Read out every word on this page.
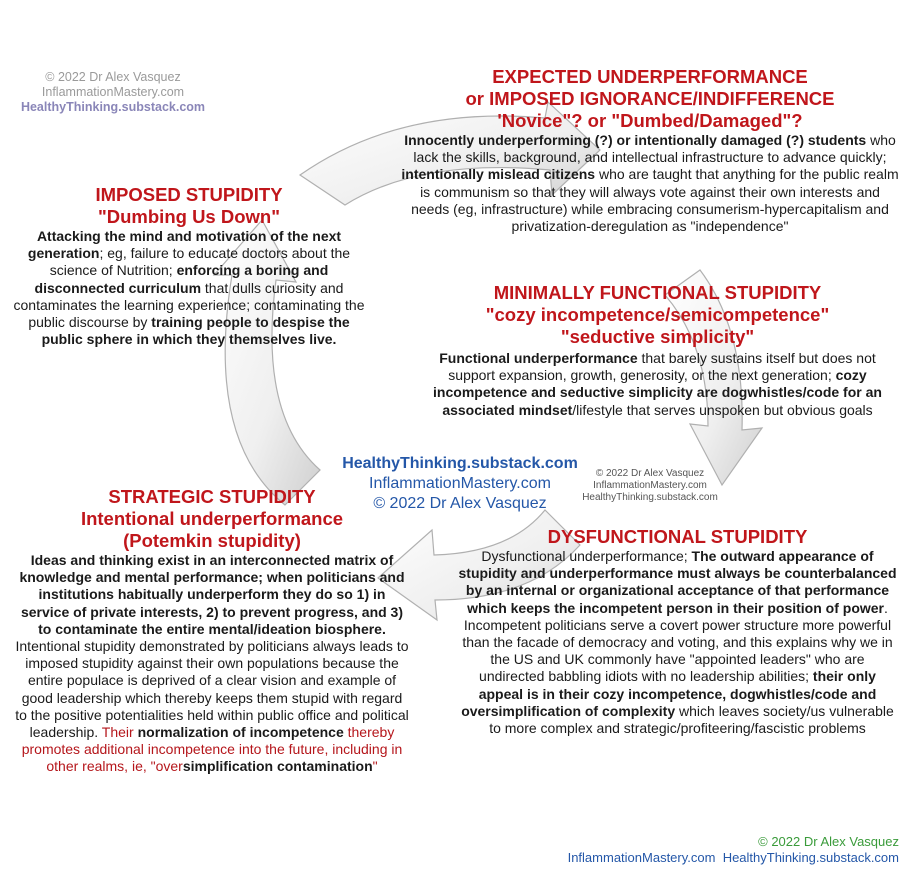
© 2022 Dr Alex Vasquez
InflammationMastery.com
HealthyThinking.substack.com
EXPECTED UNDERPERFORMANCE
or IMPOSED IGNORANCE/INDIFFERENCE
'Novice"? or "Dumbed/Damaged"?

Innocently underperforming (?) or intentionally damaged (?) students who lack the skills, background, and intellectual infrastructure to advance quickly; intentionally mislead citizens who are taught that anything for the public realm is communism so that they will always vote against their own interests and needs (eg, infrastructure) while embracing consumerism-hypercapitalism and privatization-deregulation as "independence"

IMPOSED STUPIDITY
"Dumbing Us Down"

Attacking the mind and motivation of the next generation; eg, failure to educate doctors about the science of Nutrition; enforcing a boring and disconnected curriculum that dulls curiosity and contaminates the learning experience; contaminating the public discourse by training people to despise the public sphere in which they themselves live.

MINIMALLY FUNCTIONAL STUPIDITY
"cozy incompetence/semicompetence"
"seductive simplicity"

Functional underperformance that barely sustains itself but does not support expansion, growth, generosity, or the next generation; cozy incompetence and seductive simplicity are dogwhistles/code for an associated mindset/lifestyle that serves unspoken but obvious goals

HealthyThinking.substack.com
InflammationMastery.com
© 2022 Dr Alex Vasquez
© 2022 Dr Alex Vasquez
InflammationMastery.com
HealthyThinking.substack.com
STRATEGIC STUPIDITY
Intentional underperformance
(Potemkin stupidity)

Ideas and thinking exist in an interconnected matrix of knowledge and mental performance; when politicians and institutions habitually underperform they do so 1) in service of private interests, 2) to prevent progress, and 3) to contaminate the entire mental/ideation biosphere. Intentional stupidity demonstrated by politicians always leads to imposed stupidity against their own populations because the entire populace is deprived of a clear vision and example of good leadership which thereby keeps them stupid with regard to the positive potentialities held within public office and political leadership. Their normalization of incompetence thereby promotes additional incompetence into the future, including in other realms, ie, "oversimplification contamination"

DYSFUNCTIONAL STUPIDITY

Dysfunctional underperformance; The outward appearance of stupidity and underperformance must always be counterbalanced by an internal or organizational acceptance of that performance which keeps the incompetent person in their position of power. Incompetent politicians serve a covert power structure more powerful than the facade of democracy and voting, and this explains why we in the US and UK commonly have "appointed leaders" who are undirected babbling idiots with no leadership abilities; their only appeal is in their cozy incompetence, dogwhistles/code and oversimplification of complexity which leaves society/us vulnerable to more complex and strategic/profiteering/fascistic problems

© 2022 Dr Alex Vasquez
InflammationMastery.com HealthyThinking.substack.com
